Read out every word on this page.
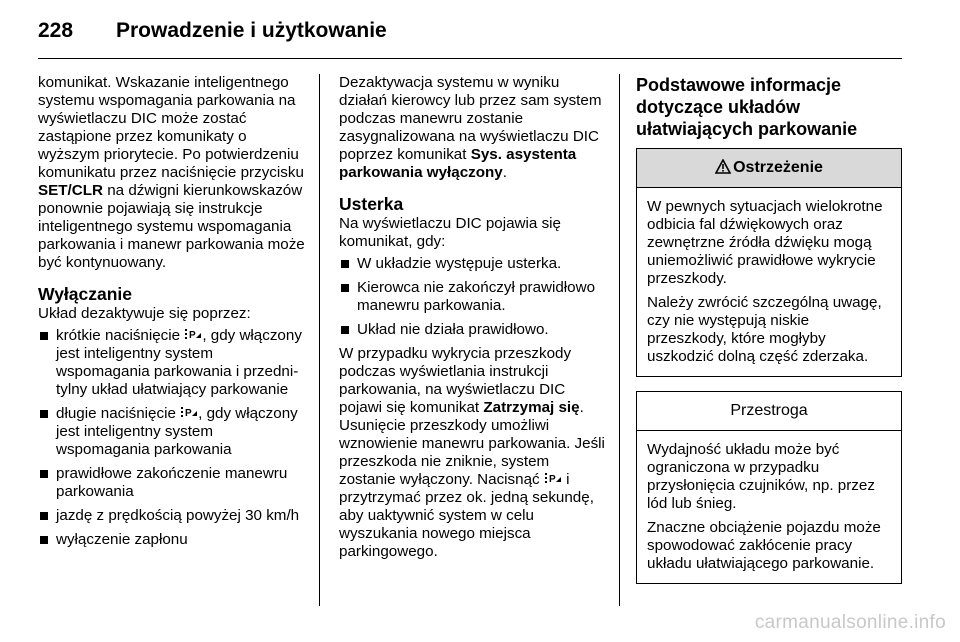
228 Prowadzenie i użytkowanie

komunikat. Wskazanie inteligentnego systemu wspomagania parkowania na wyświetlaczu DIC może zostać zastąpione przez komunikaty o wyższym priorytecie. Po potwierdzeniu komunikatu przez naciśnięcie przycisku SET/CLR na dźwigni kierunkowskazów ponownie pojawiają się instrukcje inteligentnego systemu wspomagania parkowania i manewr parkowania może być kontynuowany.

Wyłączanie

Układ dezaktywuje się poprzez:

krótkie naciśnięcie P , gdy włączony jest inteligentny system wspomagania parkowania i przedni-tylny układ ułatwiający parkowanie
długie naciśnięcie P , gdy włączony jest inteligentny system wspomagania parkowania
prawidłowe zakończenie manewru parkowania
jazdę z prędkością powyżej 30 km/h
wyłączenie zapłonu

Dezaktywacja systemu w wyniku działań kierowcy lub przez sam system podczas manewru zostanie zasygnalizowana na wyświetlaczu DIC poprzez komunikat Sys. asystenta parkowania wyłączony.

Usterka

Na wyświetlaczu DIC pojawia się komunikat, gdy:

W układzie występuje usterka.
Kierowca nie zakończył prawidłowo manewru parkowania.
Układ nie działa prawidłowo.

W przypadku wykrycia przeszkody podczas wyświetlania instrukcji parkowania, na wyświetlaczu DIC pojawi się komunikat Zatrzymaj się. Usunięcie przeszkody umożliwi wznowienie manewru parkowania. Jeśli przeszkoda nie zniknie, system zostanie wyłączony. Nacisnąć P i przytrzymać przez ok. jedną sekundę, aby uaktywnić system w celu wyszukania nowego miejsca parkingowego.

Podstawowe informacje dotyczące układów ułatwiających parkowanie
Ostrzeżenie

W pewnych sytuacjach wielokrotne odbicia fal dźwiękowych oraz zewnętrzne źródła dźwięku mogą uniemożliwić prawidłowe wykrycie przeszkody.

Należy zwrócić szczególną uwagę, czy nie występują niskie przeszkody, które mogłyby uszkodzić dolną część zderzaka.

Przestroga

Wydajność układu może być ograniczona w przypadku przysłonięcia czujników, np. przez lód lub śnieg.

Znaczne obciążenie pojazdu może spowodować zakłócenie pracy układu ułatwiającego parkowanie.

carmanualsonline.info
